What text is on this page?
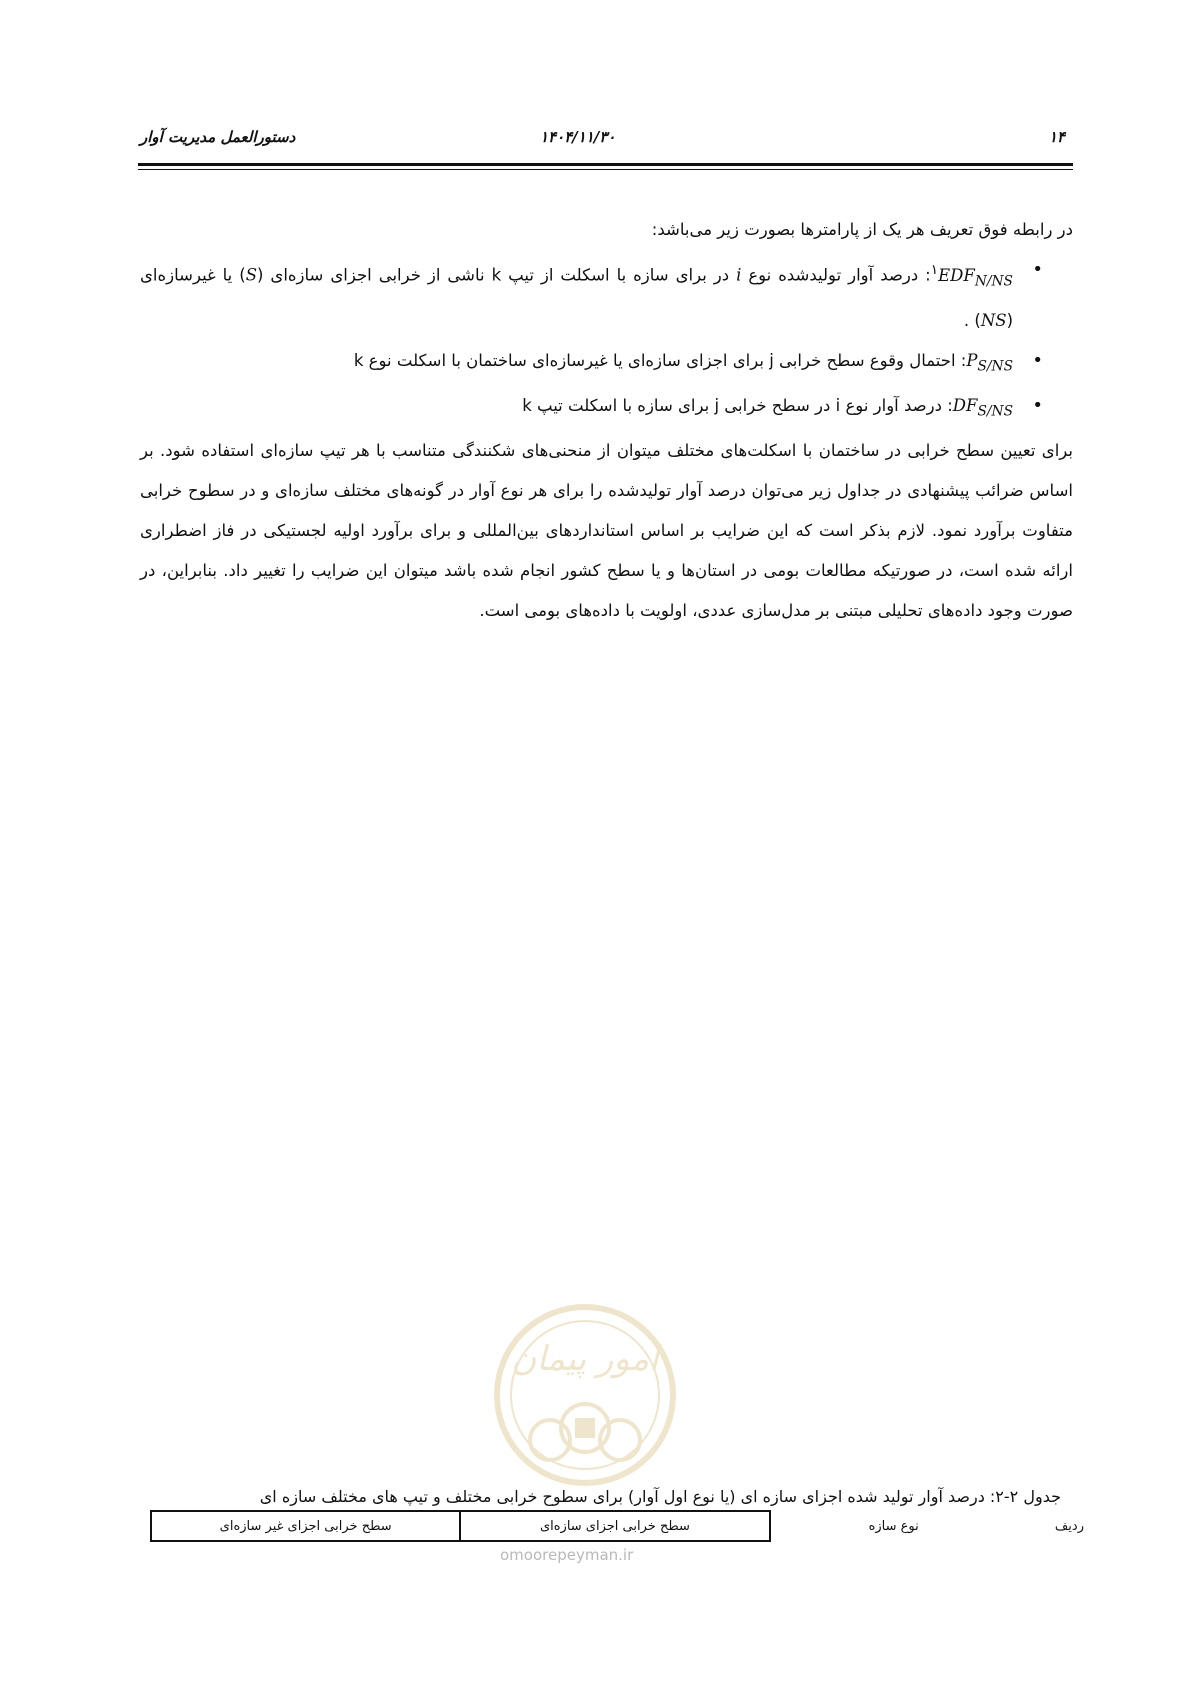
۱۴
۱۴۰۴/۱۱/۳۰
دستورالعمل مدیریت آوار

در رابطه فوق تعریف هر یک از پارامترها بصورت زیر می‌باشد:

• $EDF_{N/NS}^۱$: درصد آوار تولیدشده نوع i در برای سازه با اسکلت از تیپ k ناشی از خرابی اجزای سازه‌ای (S) یا غیرسازه‌ای (NS) .
• $P_{S/NS}$: احتمال وقوع سطح خرابی j برای اجزای سازه‌ای یا غیرسازه‌ای ساختمان با اسکلت نوع k
• $DF_{S/NS}$: درصد آوار نوع i در سطح خرابی j برای سازه با اسکلت تیپ k

برای تعیین سطح خرابی در ساختمان با اسکلت‌های مختلف میتوان از منحنی‌های شکنندگی متناسب با هر تیپ سازه‌ای استفاده شود. بر اساس ضرائب پیشنهادی در جداول زیر می‌توان درصد آوار تولیدشده را برای هر نوع آوار در گونه‌های مختلف سازه‌ای و در سطوح خرابی متفاوت برآورد نمود. لازم بذکر است که این ضرایب بر اساس استانداردهای بین‌المللی و برای برآورد اولیه لجستیکی در فاز اضطراری ارائه شده است، در صورتیکه مطالعات بومی در استان‌ها و یا سطح کشور انجام شده باشد میتوان این ضرایب را تغییر داد. بنابراین، در صورت وجود داده‌های تحلیلی مبتنی بر مدل‌سازی عددی، اولویت با داده‌های بومی است.

امور پیمان
omoorepeyman.ir
جدول ۲-۲: درصد آوار تولید شده اجزای سازه ای (یا نوع اول آوار) برای سطوح خرابی مختلف و تیپ های مختلف سازه ای
ردیف	نوع سازه	سطح خرابی اجزای سازه‌ای	سطح خرابی اجزای غیر سازه‌ای
